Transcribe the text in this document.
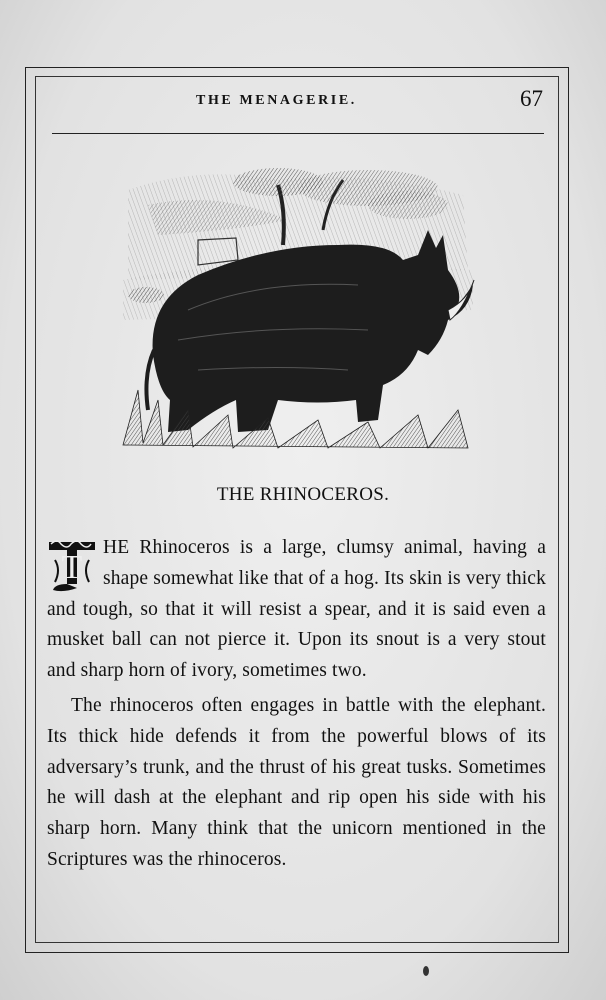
THE MENAGERIE.	67
THE RHINOCEROS.
T

HE Rhinoceros is a large, clumsy animal, having a shape somewhat like that of a hog. Its skin is very thick and tough, so that it will resist a spear, and it is said even a musket ball can not pierce it. Upon its snout is a very stout and sharp horn of ivory, sometimes two.

The rhinoceros often engages in battle with the elephant. Its thick hide defends it from the powerful blows of its adversary’s trunk, and the thrust of his great tusks. Sometimes he will dash at the elephant and rip open his side with his sharp horn. Many think that the unicorn mentioned in the Scriptures was the rhinoceros.
